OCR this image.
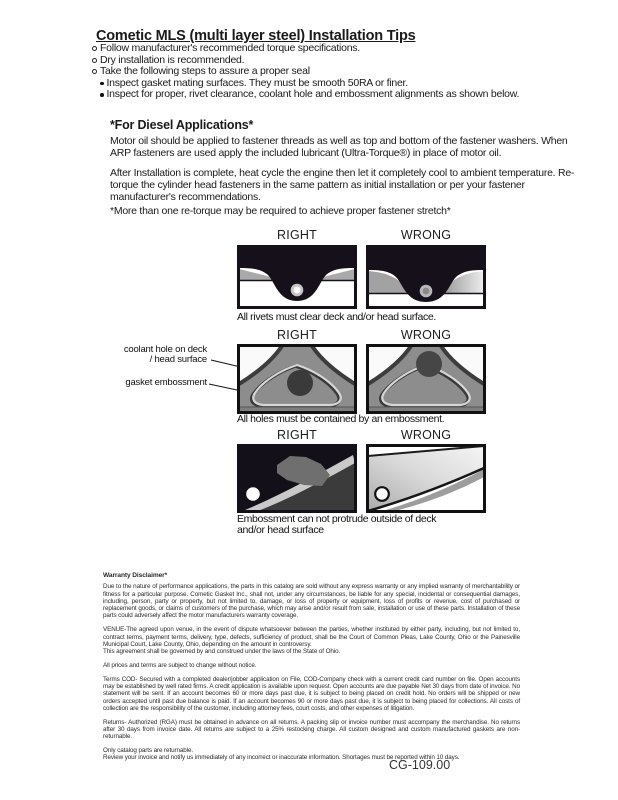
Cometic MLS (multi layer steel) Installation Tips
Follow manufacturer's recommended torque specifications.
Dry installation is recommended.
Take the following steps to assure a proper seal
Inspect gasket mating surfaces. They must be smooth 50RA or finer.
Inspect for proper, rivet clearance, coolant hole and embossment alignments as shown below.
*For Diesel Applications*

Motor oil should be applied to fastener threads as well as top and bottom of the fastener washers. When ARP fasteners are used apply the included lubricant (Ultra-Torque®) in place of motor oil.

After Installation is complete, heat cycle the engine then let it completely cool to ambient temperature. Re-torque the cylinder head fasteners in the same pattern as initial installation or per your fastener manufacturer's recommendations.

*More than one re-torque may be required to achieve proper fastener stretch*

RIGHT	WRONG
All rivets must clear deck and/or head surface.
RIGHT	WRONG
coolant hole on deck / head surface
gasket embossment
All holes must be contained by an embossment.
RIGHT	WRONG
Embossment can not protrude outside of deck and/or head surface
Warranty Disclaimer*

Due to the nature of performance applications, the parts in this catalog are sold without any express warranty or any implied warranty of merchantability or fitness for a particular purpose. Cometic Gasket Inc., shall not, under any circumstances, be liable for any special, incidental or consequential damages, including, person, party or property, but not limited to, damage, or loss of property or equipment, loss of profits or revenue, cost of purchased or replacement goods, or claims of customers of the purchase, which may arise and/or result from sale, installation or use of these parts. Installation of these parts could adversely affect the motor manufacturers warranty coverage.

VENUE-The agreed upon venue, in the event of dispute whatsoever between the parties, whether instituted by either party, including, but not limited to, contract terms, payment terms, delivery, type, defects, sufficiency of product, shall be the Court of Common Pleas, Lake County, Ohio or the Painesville Municipal Court, Lake County, Ohio, depending on the amount in controversy.

This agreement shall be governed by and construed under the laws of the State of Ohio.

All prices and terms are subject to change without notice.

Terms COD- Secured with a completed dealer/jobber application on File, COD-Company check with a current credit card number on file. Open accounts may be established by well rated firms. A credit application is available upon request. Open accounts are due payable Net 30 days from date of invoice. No statement will be sent. If an account becomes 60 or more days past due, it is subject to being placed on credit hold. No orders will be shipped or new orders accepted until past due balance is paid. If an account becomes 90 or more days past due, it is subject to being placed for collections. All costs of collection are the responsibility of the customer, including attorney fees, court costs, and other expenses of litigation.

Returns- Authorized (RGA) must be obtained in advance on all returns. A packing slip or invoice number must accompany the merchandise. No returns after 30 days from invoice date. All returns are subject to a 25% restocking charge. All custom designed and custom manufactured gaskets are non-returnable.

Only catalog parts are returnable.

Review your invoice and notify us immediately of any incorrect or inaccurate information. Shortages must be reported within 10 days.

CG-109.00
